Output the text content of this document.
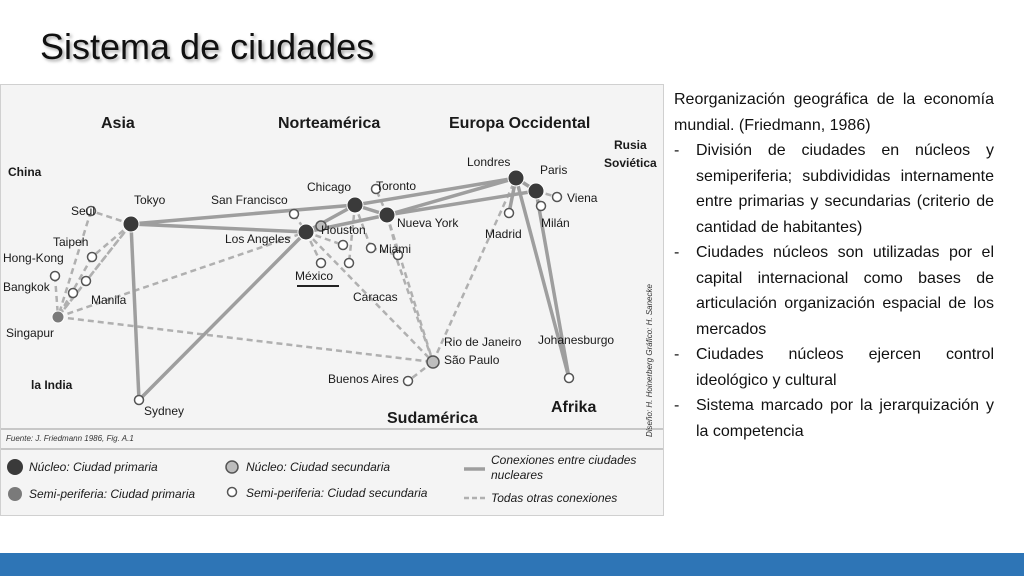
Sistema de ciudades
Asia	Norteamérica	Europa Occidental
Rusia
Soviética
China
la India
Sudamérica
Afrika
Tokyo
Seul
Taipeh
Hong-Kong
Bangkok
Manila
Singapur
Sydney
San Francisco
Los Angeles
Chicago Toronto
Houston	Nueva York
Miami
México
Caracas
Londres
Paris
Viena
Madrid
Milán
Rio de Janeiro
São Paulo
Buenos Aires
Johanesburgo
Fuente: J. Friedmann 1986, Fig. A.1
Diseño: H. Hoinerberg Gráfico: H. Sanecke
Núcleo: Ciudad primaria
Semi-periferia: Ciudad primaria
Núcleo: Ciudad secundaria
Semi-periferia: Ciudad secundaria
Conexiones entre ciudades
nucleares
Todas otras conexiones

Reorganización geográfica de la economía mundial. (Friedmann, 1986)

- División de ciudades en núcleos y semiperiferia; subdivididas internamente entre primarias y secundarias (criterio de cantidad de habitantes)
- Ciudades núcleos son utilizadas por el capital internacional como bases de articulación organización espacial de los mercados
- Ciudades núcleos ejercen control ideológico y cultural
- Sistema marcado por la jerarquización y la competencia
